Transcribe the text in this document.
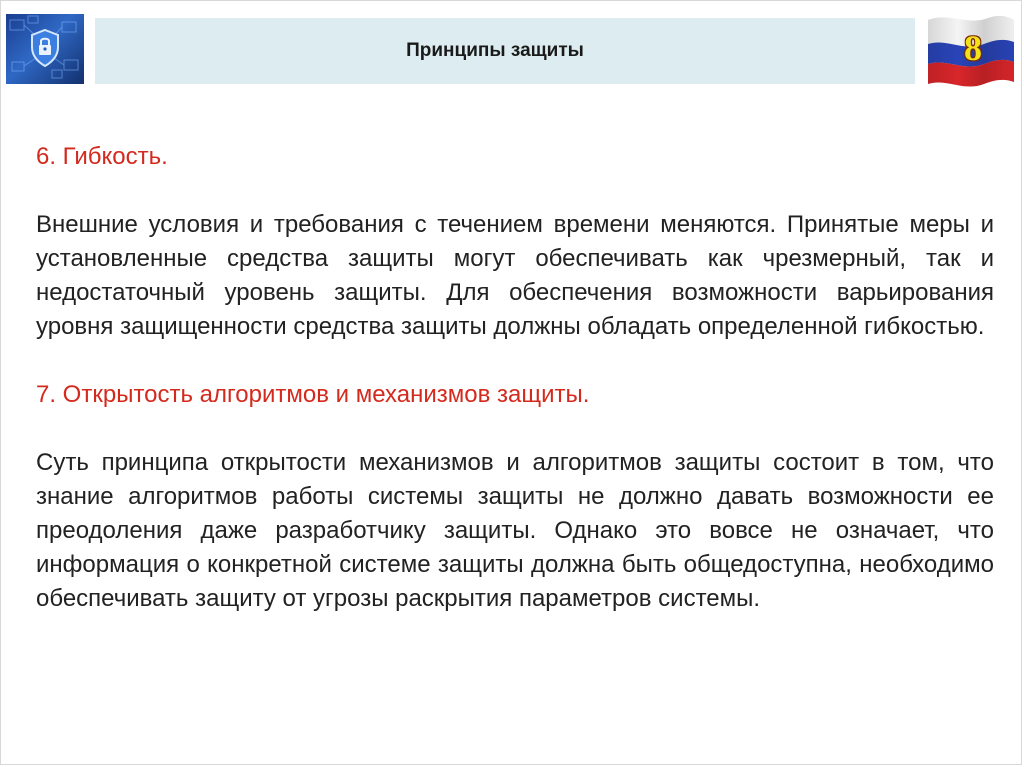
Принципы защиты	8

6. Гибкость.

Внешние условия и требования с течением времени меняются. Принятые меры и установленные средства защиты могут обеспечивать как чрезмерный, так и недостаточный уровень защиты. Для обеспечения возможности варьирования уровня защищенности средства защиты должны обладать определенной гибкостью.

7. Открытость алгоритмов и механизмов защиты.

Суть принципа открытости механизмов и алгоритмов защиты состоит в том, что знание алгоритмов работы системы защиты не должно давать возможности ее преодоления даже разработчику защиты. Однако это вовсе не означает, что информация о конкретной системе защиты должна быть общедоступна, необходимо обеспечивать защиту от угрозы раскрытия параметров системы.
